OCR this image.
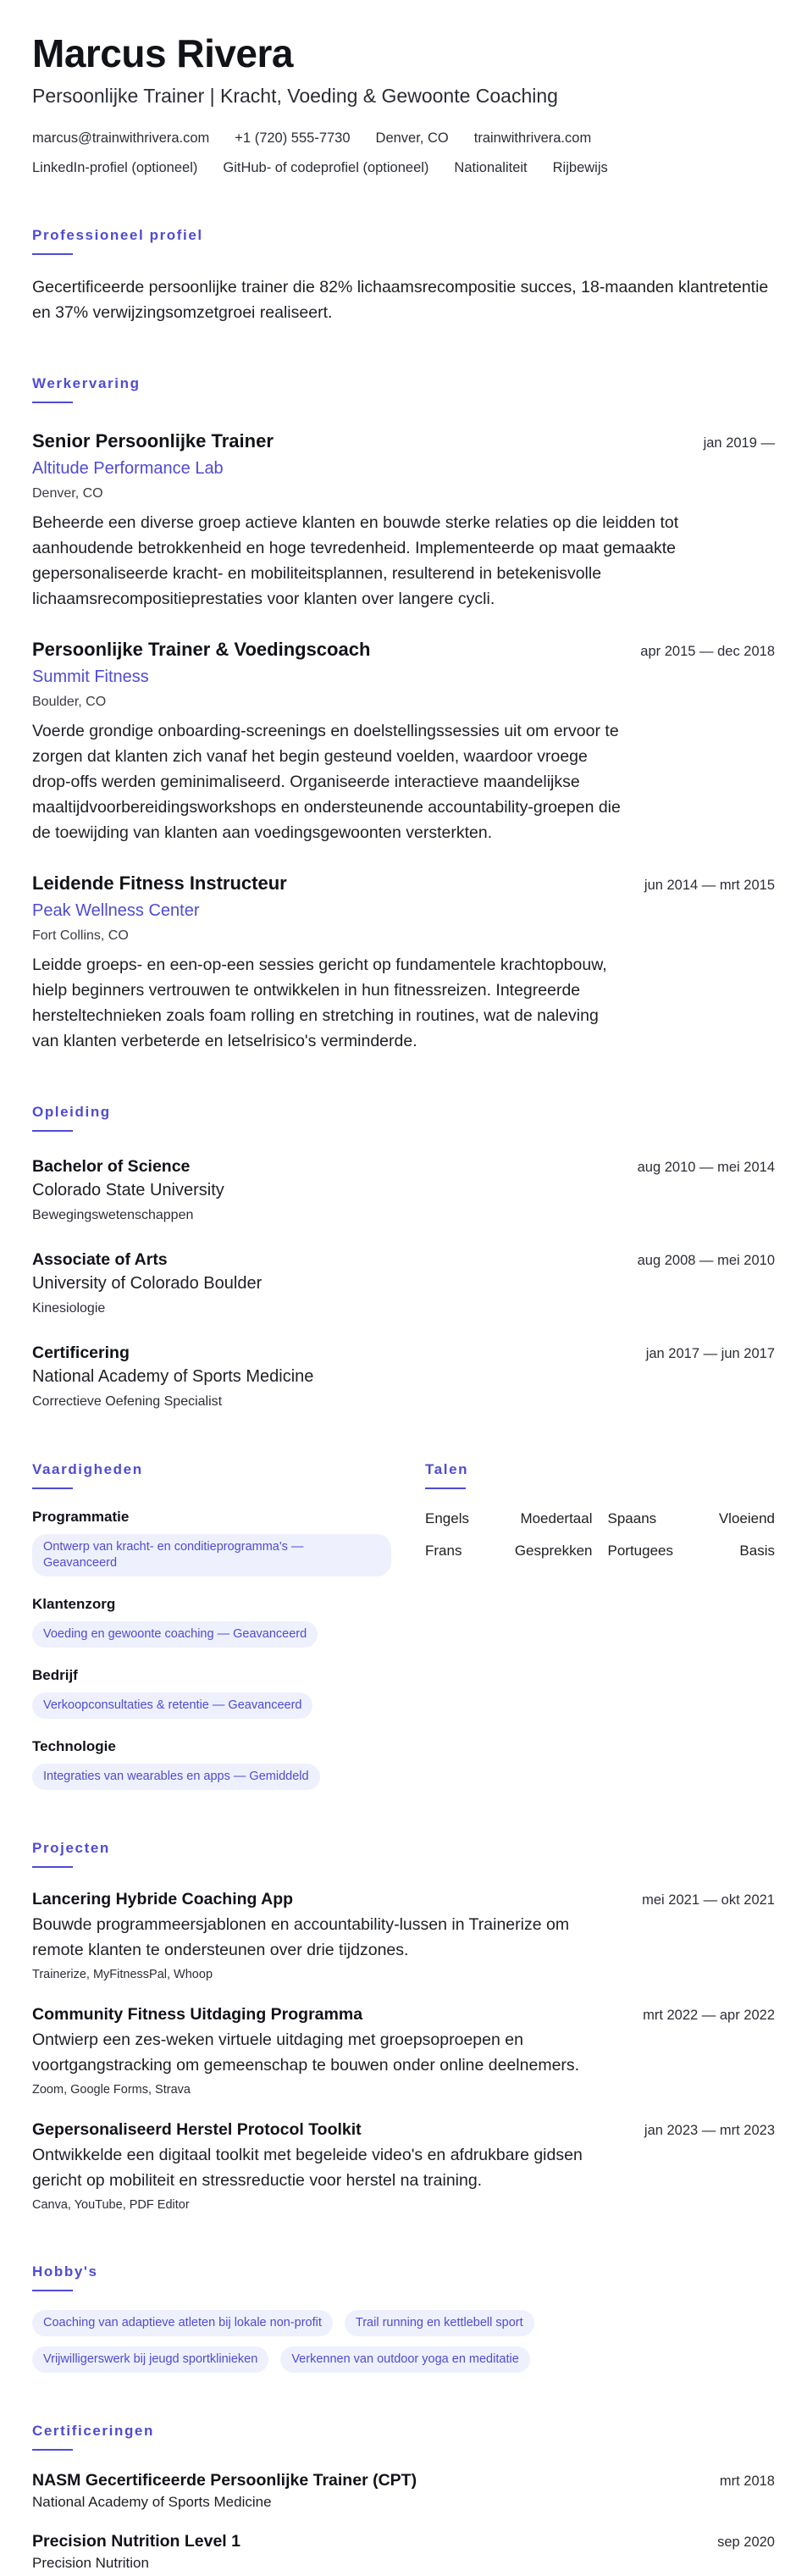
Marcus Rivera
Persoonlijke Trainer | Kracht, Voeding & Gewoonte Coaching
marcus@trainwithrivera.com +1 (720) 555-7730 Denver, CO trainwithrivera.com
LinkedIn-profiel (optioneel) GitHub- of codeprofiel (optioneel) Nationaliteit Rijbewijs
Professioneel profiel

Gecertificeerde persoonlijke trainer die 82% lichaamsrecompositie succes, 18-maanden klantretentie en 37% verwijzingsomzetgroei realiseert.

Werkervaring
Senior Persoonlijke Trainer	jan 2019 —
Altitude Performance Lab
Denver, CO

Beheerde een diverse groep actieve klanten en bouwde sterke relaties op die leidden tot aanhoudende betrokkenheid en hoge tevredenheid. Implementeerde op maat gemaakte gepersonaliseerde kracht- en mobiliteitsplannen, resulterend in betekenisvolle lichaamsrecompositieprestaties voor klanten over langere cycli.

Persoonlijke Trainer & Voedingscoach	apr 2015 — dec 2018
Summit Fitness
Boulder, CO

Voerde grondige onboarding-screenings en doelstellingssessies uit om ervoor te zorgen dat klanten zich vanaf het begin gesteund voelden, waardoor vroege drop-offs werden geminimaliseerd. Organiseerde interactieve maandelijkse maaltijdvoorbereidingsworkshops en ondersteunende accountability-groepen die de toewijding van klanten aan voedingsgewoonten versterkten.

Leidende Fitness Instructeur	jun 2014 — mrt 2015
Peak Wellness Center
Fort Collins, CO

Leidde groeps- en een-op-een sessies gericht op fundamentele krachtopbouw, hielp beginners vertrouwen te ontwikkelen in hun fitnessreizen. Integreerde hersteltechnieken zoals foam rolling en stretching in routines, wat de naleving van klanten verbeterde en letselrisico's verminderde.

Opleiding
Bachelor of Science	aug 2010 — mei 2014
Colorado State University
Bewegingswetenschappen
Associate of Arts	aug 2008 — mei 2010
University of Colorado Boulder
Kinesiologie
Certificering	jan 2017 — jun 2017
National Academy of Sports Medicine
Correctieve Oefening Specialist
Vaardigheden
Programmatie
Ontwerp van kracht- en conditieprogramma's — Geavanceerd
Klantenzorg
Voeding en gewoonte coaching — Geavanceerd
Bedrijf
Verkoopconsultaties & retentie — Geavanceerd
Technologie
Integraties van wearables en apps — Gemiddeld
Talen
Engels	Moedertaal Spaans	Vloeiend
Frans	Gesprekken Portugees	Basis
Projecten
Lancering Hybride Coaching App	mei 2021 — okt 2021

Bouwde programmeersjablonen en accountability-lussen in Trainerize om remote klanten te ondersteunen over drie tijdzones.

Trainerize, MyFitnessPal, Whoop
Community Fitness Uitdaging Programma	mrt 2022 — apr 2022

Ontwierp een zes-weken virtuele uitdaging met groepsoproepen en voortgangstracking om gemeenschap te bouwen onder online deelnemers.

Zoom, Google Forms, Strava
Gepersonaliseerd Herstel Protocol Toolkit	jan 2023 — mrt 2023

Ontwikkelde een digitaal toolkit met begeleide video's en afdrukbare gidsen gericht op mobiliteit en stressreductie voor herstel na training.

Canva, YouTube, PDF Editor
Hobby's
Coaching van adaptieve atleten bij lokale non-profit	Trail running en kettlebell sport
Vrijwilligerswerk bij jeugd sportklinieken	Verkennen van outdoor yoga en meditatie
Certificeringen
NASM Gecertificeerde Persoonlijke Trainer (CPT)	mrt 2018
National Academy of Sports Medicine
Precision Nutrition Level 1	sep 2020
Precision Nutrition
